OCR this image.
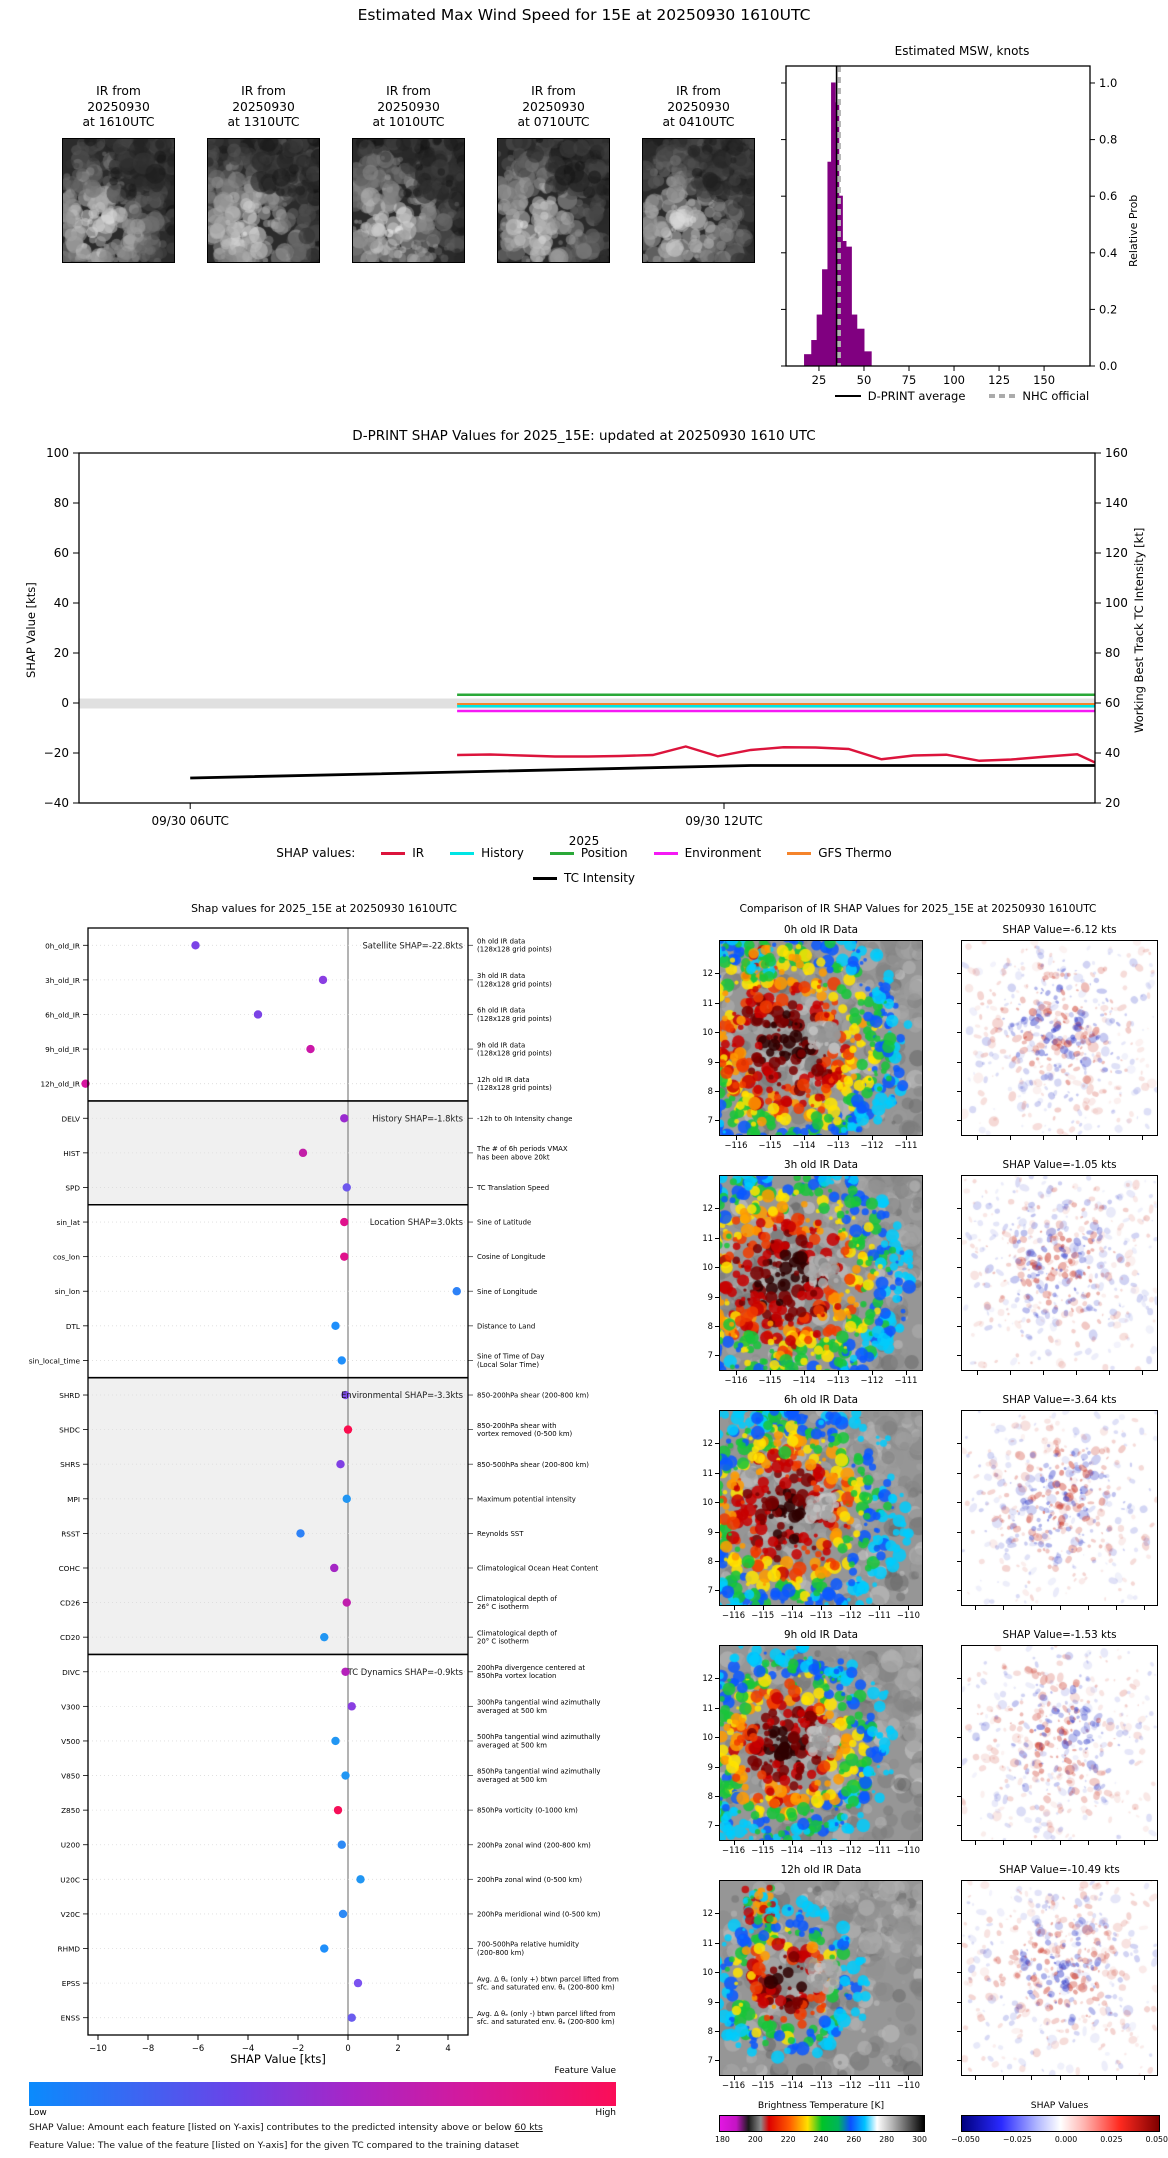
Estimated Max Wind Speed for 15E at 20250930 1610UTC
IR from
20250930
at 1610UTC
IR from
20250930
at 1310UTC
IR from
20250930
at 1010UTC
IR from
20250930
at 0710UTC
IR from
20250930
at 0410UTC
Estimated MSW, knots
25	50	75 100 125 150
0.0
0.2
0.4
0.6
0.8
1.0
Relative Prob
D-PRINT average	NHC official
D-PRINT SHAP Values for 2025_15E: updated at 20250930 1610 UTC
−40
−20
0
20
40
60
80
100
20
40
60
80
100
120
140
160
SHAP Value [kts]	Working Best Track TC Intensity [kt]
09/30 06UTC	09/30 12UTC
2025
SHAP values:	IR	History	Position	Environment	GFS Thermo
TC Intensity
Shap values for 2025_15E at 20250930 1610UTC
0h_old_IR	0h old IR data
(128x128 grid points)
3h_old_IR	3h old IR data
(128x128 grid points)
6h_old_IR	6h old IR data
(128x128 grid points)
9h_old_IR	9h old IR data
(128x128 grid points)
12h_old_IR	12h old IR data
(128x128 grid points)
DELV	-12h to 0h Intensity change
HIST	The # of 6h periods VMAX
has been above 20kt
SPD	TC Translation Speed
sin_lat	Sine of Latitude
cos_lon	Cosine of Longitude
sin_lon	Sine of Longitude
DTL	Distance to Land
sin_local_time	Sine of Time of Day
(Local Solar Time)
SHRD	850-200hPa shear (200-800 km)
SHDC	850-200hPa shear with
vortex removed (0-500 km)
SHRS	850-500hPa shear (200-800 km)
MPI	Maximum potential intensity
RSST	Reynolds SST
COHC	Climatological Ocean Heat Content
CD26	Climatological depth of
26° C isotherm
CD20	Climatological depth of
20° C isotherm
DIVC	200hPa divergence centered at
850hPa vortex location
V300	300hPa tangential wind azimuthally
averaged at 500 km
V500	500hPa tangential wind azimuthally
averaged at 500 km
V850	850hPa tangential wind azimuthally
averaged at 500 km
Z850	850hPa vorticity (0-1000 km)
U200	200hPa zonal wind (200-800 km)
U20C	200hPa zonal wind (0-500 km)
V20C	200hPa meridional wind (0-500 km)
RHMD	700-500hPa relative humidity
(200-800 km)
EPSS	Avg. Δ θₑ (only +) btwn parcel lifted from
sfc. and saturated env. θₑ (200-800 km)
ENSS	Avg. Δ θₑ (only -) btwn parcel lifted from
sfc. and saturated env. θₑ (200-800 km)
Satellite SHAP=-22.8kts
History SHAP=-1.8kts
Location SHAP=3.0kts
Environmental SHAP=-3.3kts
TC Dynamics SHAP=-0.9kts
−10	−8	−6	−4	−2	0	2	4
SHAP Value [kts]
Feature Value
Low	High
SHAP Value: Amount each feature [listed on Y-axis] contributes to the predicted intensity above or below 60 kts
Feature Value: The value of the feature [listed on Y-axis] for the given TC compared to the training dataset
Comparison of IR SHAP Values for 2025_15E at 20250930 1610UTC
0h old IR Data	SHAP Value=-6.12 kts
12
11
10
9
8
7
−116	−115	−114	−113	−112	−111
3h old IR Data	SHAP Value=-1.05 kts
12
11
10
9
8
7
−116	−115	−114	−113	−112	−111
6h old IR Data	SHAP Value=-3.64 kts
12
11
10
9
8
7
−116 −115 −114 −113 −112 −111 −110
9h old IR Data	SHAP Value=-1.53 kts
12
11
10
9
8
7
−116 −115 −114 −113 −112 −111 −110
12h old IR Data	SHAP Value=-10.49 kts
12
11
10
9
8
7
−116 −115 −114 −113 −112 −111 −110
Brightness Temperature [K]
180 200 220 240 260 280 300
SHAP Values
−0.050	−0.025	0.000	0.025	0.050
